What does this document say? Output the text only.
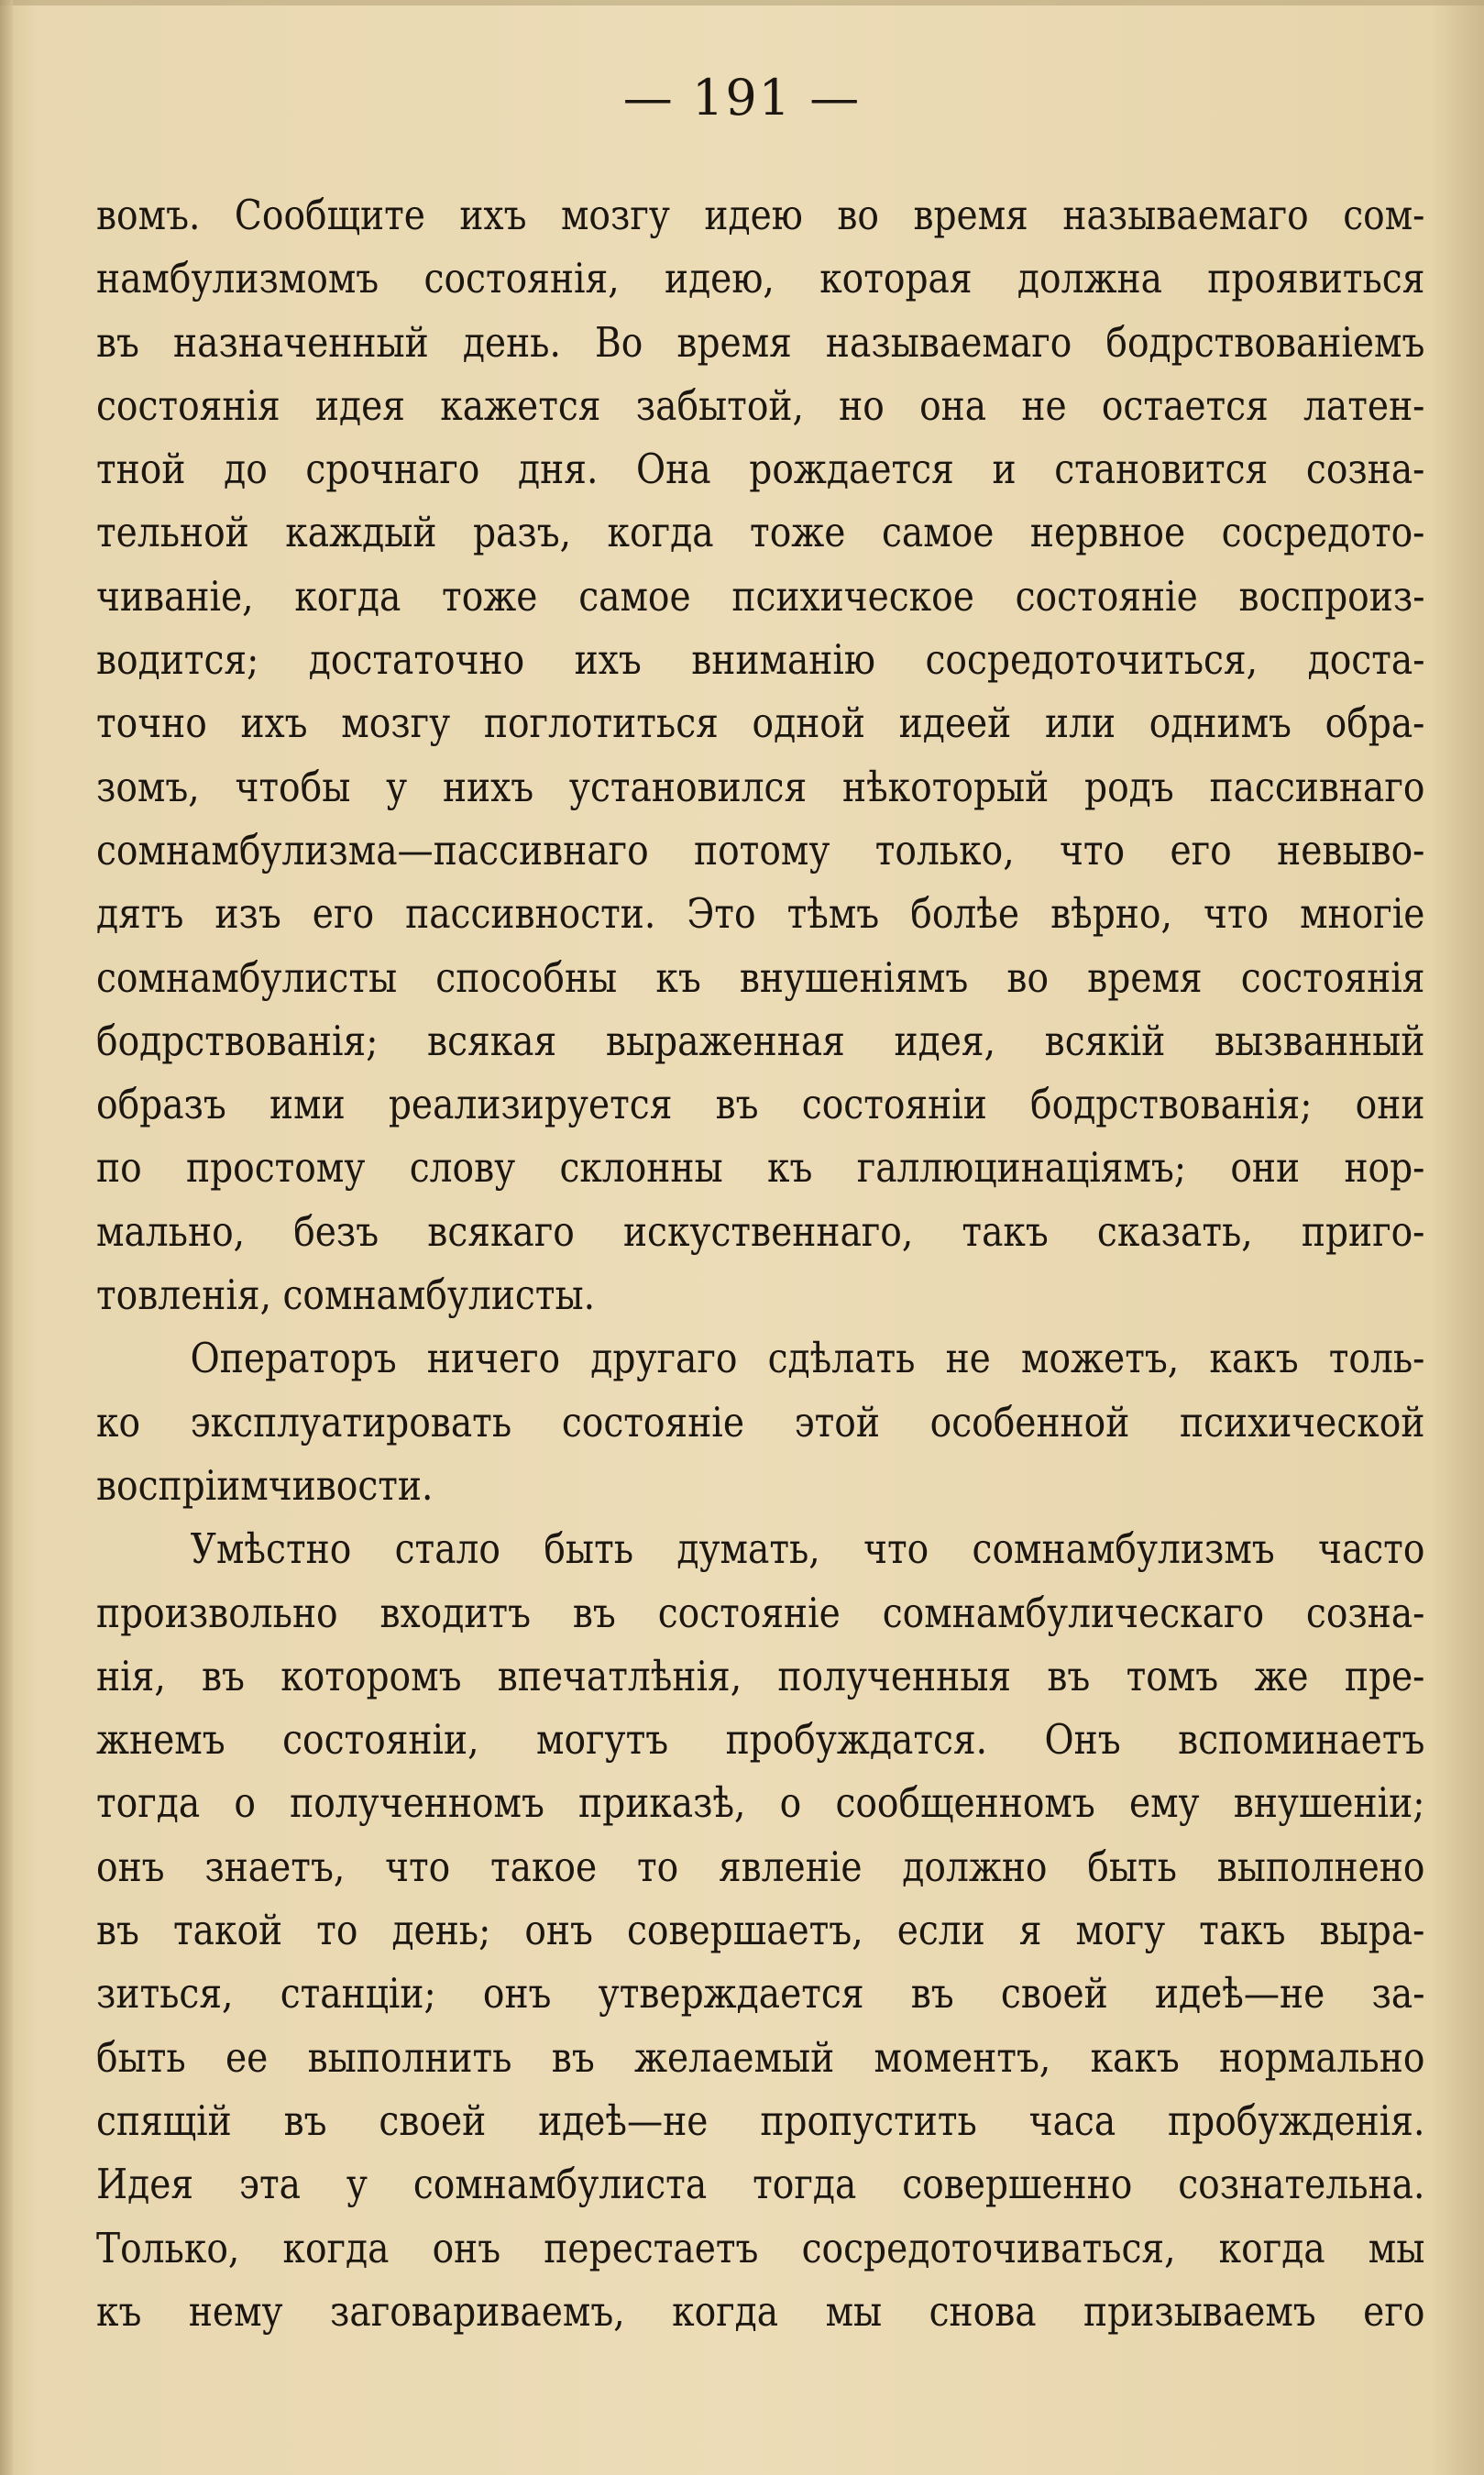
— 191 —
вомъ. Сообщите ихъ мозгу идею во время называемаго сом-
намбулизмомъ состоянія, идею, которая должна проявиться
въ назначенный день. Во время называемаго бодрствованіемъ
состоянія идея кажется забытой, но она не остается латен-
тной до срочнаго дня. Она рождается и становится созна-
тельной каждый разъ, когда тоже самое нервное сосредото-
чиваніе, когда тоже самое психическое состояніе воспроиз-
водится; достаточно ихъ вниманію сосредоточиться, доста-
точно ихъ мозгу поглотиться одной идеей или однимъ обра-
зомъ, чтобы у нихъ установился нѣкоторый родъ пассивнаго
сомнамбулизма—пассивнаго потому только, что его невыво-
дятъ изъ его пассивности. Это тѣмъ болѣе вѣрно, что многіе
сомнамбулисты способны къ внушеніямъ во время состоянія
бодрствованія; всякая выраженная идея, всякій вызванный
образъ ими реализируется въ состояніи бодрствованія; они
по простому слову склонны къ галлюцинаціямъ; они нор-
мально, безъ всякаго искуственнаго, такъ сказать, приго-
товленія, сомнамбулисты.
Операторъ ничего другаго сдѣлать не можетъ, какъ толь-
ко эксплуатировать состояніе этой особенной психической
воспріимчивости.
Умѣстно стало быть думать, что сомнамбулизмъ часто
произвольно входитъ въ состояніе сомнамбулическаго созна-
нія, въ которомъ впечатлѣнія, полученныя въ томъ же пре-
жнемъ состояніи, могутъ пробуждатся. Онъ вспоминаетъ
тогда о полученномъ приказѣ, о сообщенномъ ему внушеніи;
онъ знаетъ, что такое то явленіе должно быть выполнено
въ такой то день; онъ совершаетъ, если я могу такъ выра-
зиться, станціи; онъ утверждается въ своей идеѣ—не за-
быть ее выполнить въ желаемый моментъ, какъ нормально
спящій въ своей идеѣ—не пропустить часа пробужденія.
Идея эта у сомнамбулиста тогда совершенно сознательна.
Только, когда онъ перестаетъ сосредоточиваться, когда мы
къ нему заговариваемъ, когда мы снова призываемъ его
